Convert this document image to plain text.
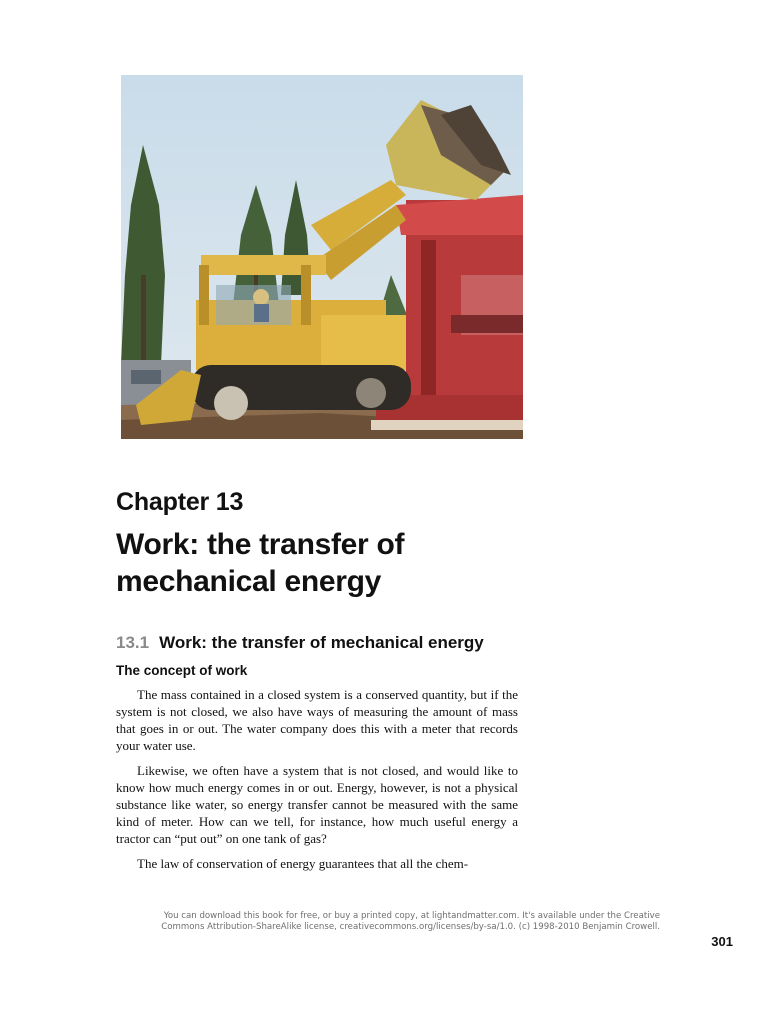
Chapter 13
Work: the transfer of mechanical energy
13.1 Work: the transfer of mechanical energy
The concept of work

The mass contained in a closed system is a conserved quantity, but if the system is not closed, we also have ways of measuring the amount of mass that goes in or out. The water company does this with a meter that records your water use.

Likewise, we often have a system that is not closed, and would like to know how much energy comes in or out. Energy, however, is not a physical substance like water, so energy transfer cannot be measured with the same kind of meter. How can we tell, for instance, how much useful energy a tractor can “put out” on one tank of gas?

The law of conservation of energy guarantees that all the chem-

You can download this book for free, or buy a printed copy, at lightandmatter.com. It's available under the Creative
Commons Attribution-ShareAlike license, creativecommons.org/licenses/by-sa/1.0. (c) 1998-2010 Benjamin Crowell.
301
